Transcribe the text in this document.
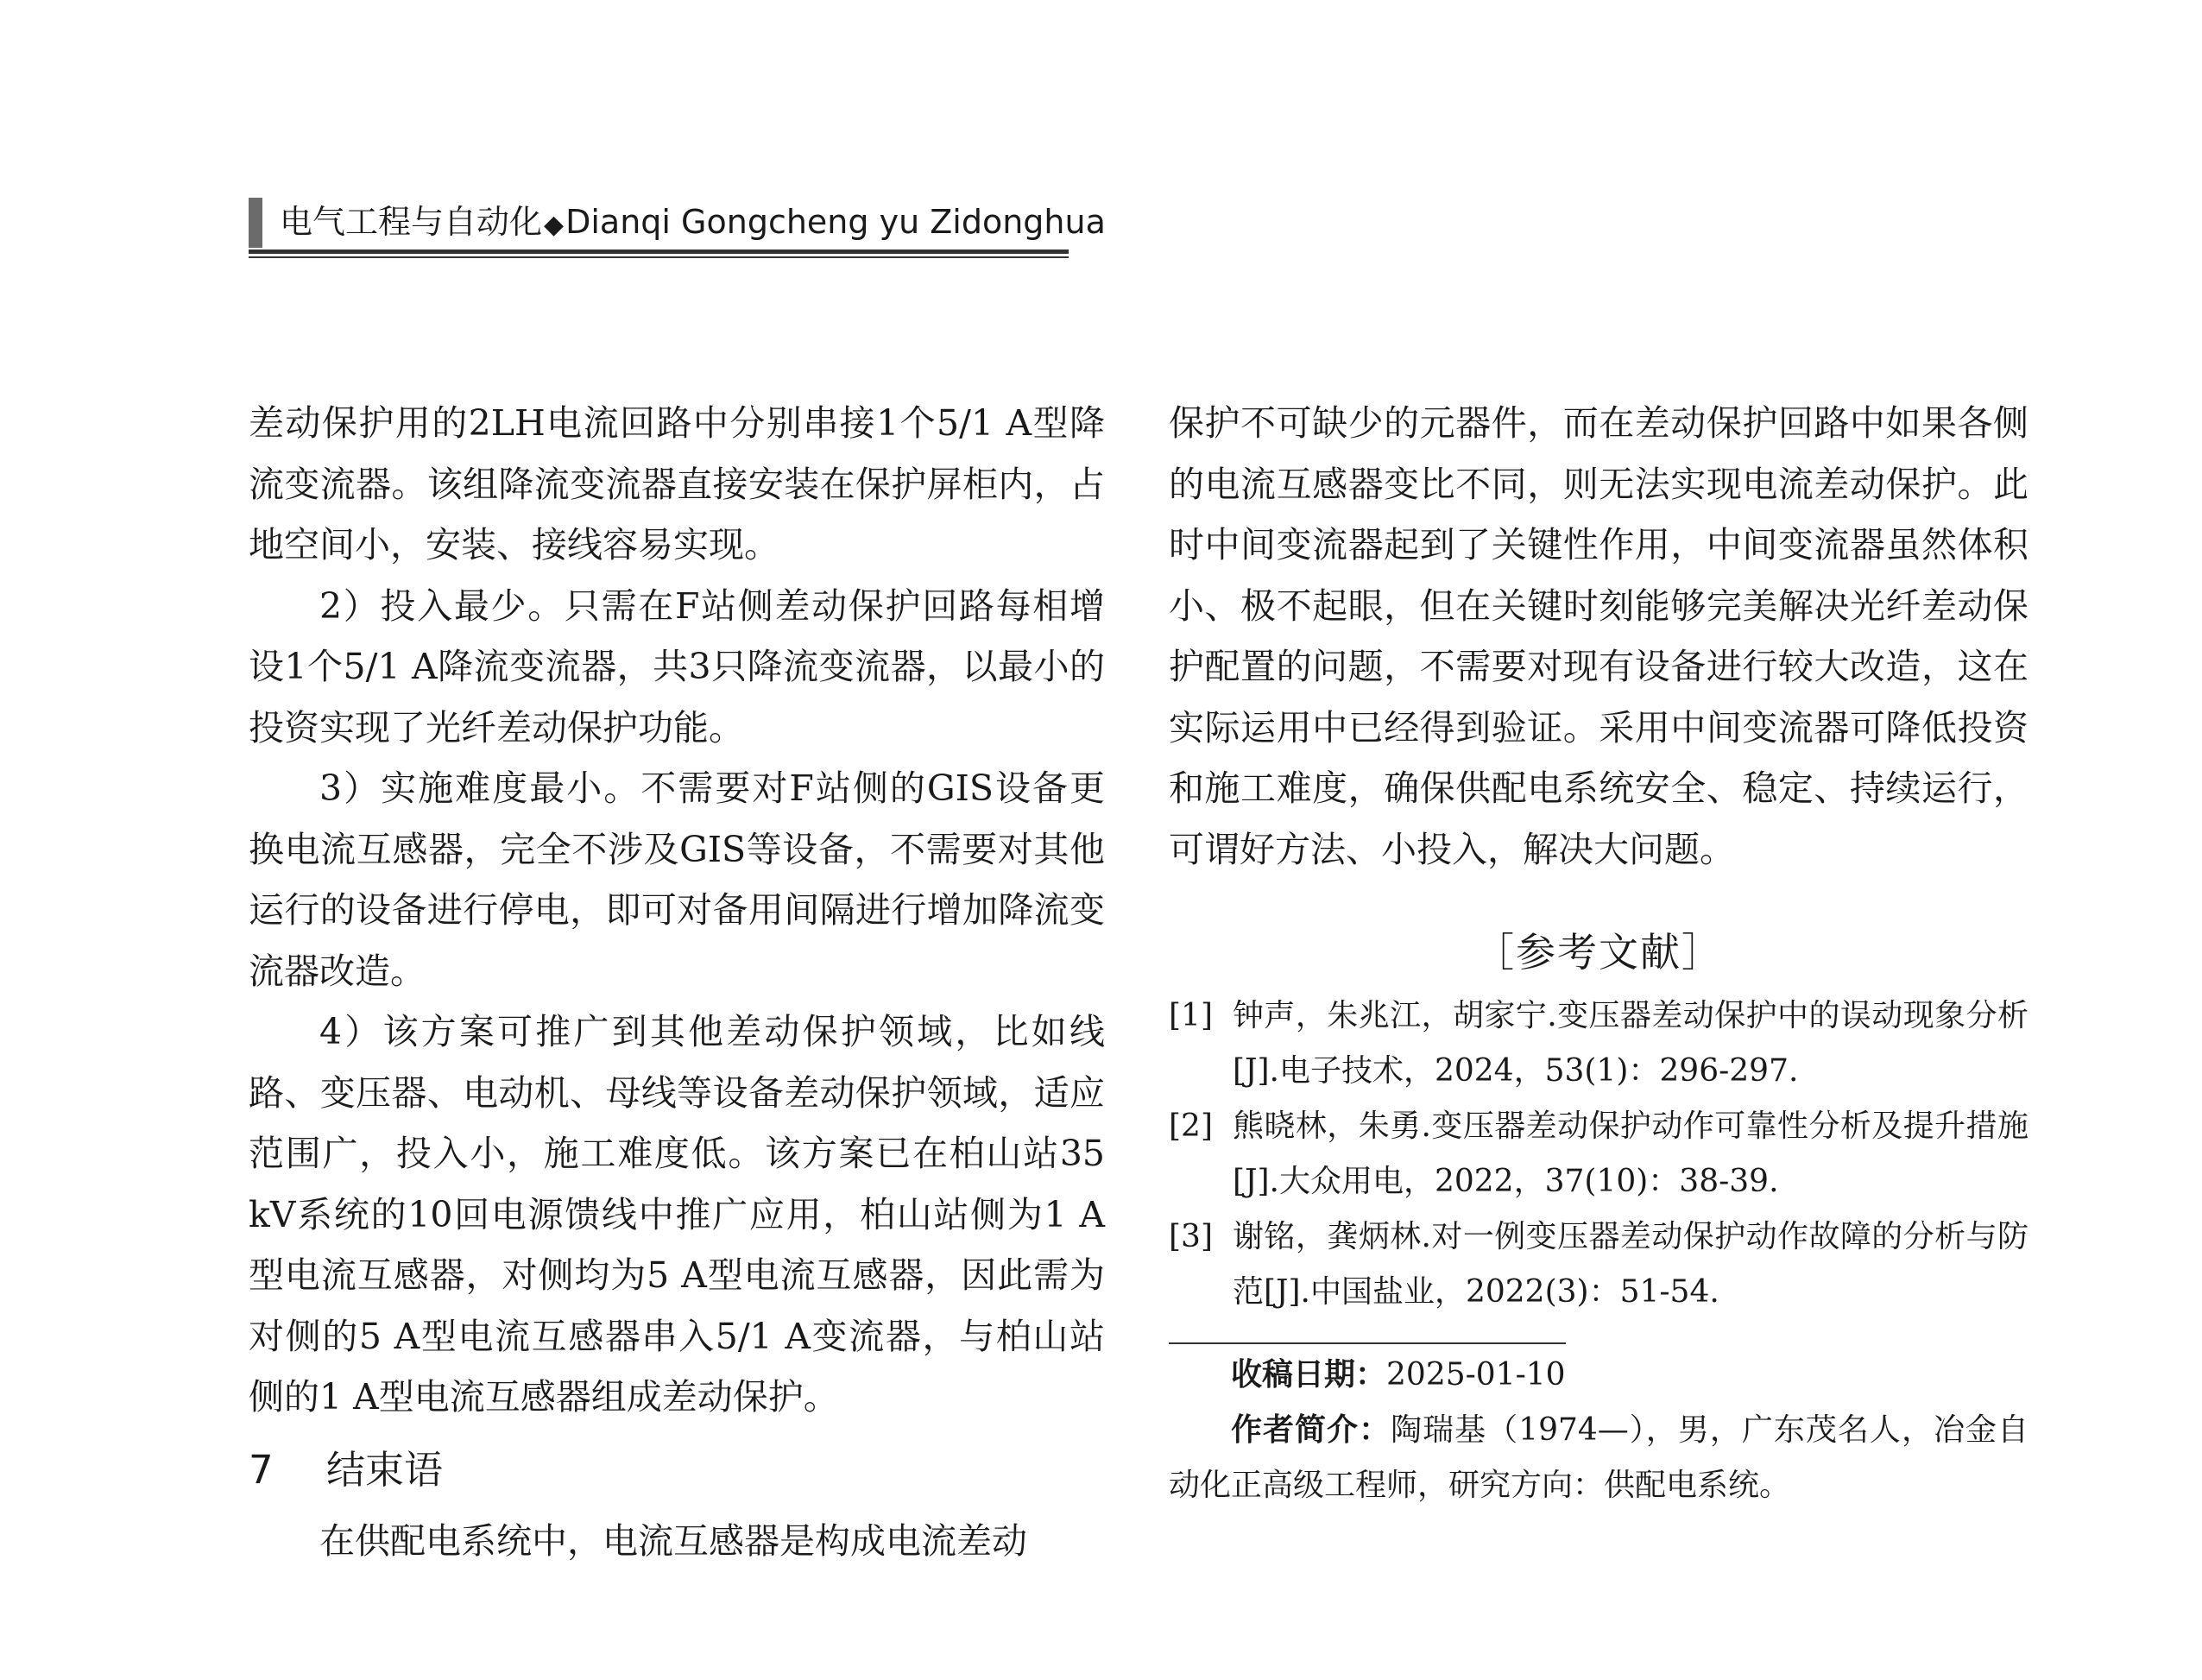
电气工程与自动化◆Dianqi Gongcheng yu Zidonghua

差动保护用的2LH电流回路中分别串接1个5/1 A型降流变流器。该组降流变流器直接安装在保护屏柜内，占地空间小，安装、接线容易实现。

2）投入最少。只需在F站侧差动保护回路每相增设1个5/1 A降流变流器，共3只降流变流器，以最小的投资实现了光纤差动保护功能。

3）实施难度最小。不需要对F站侧的GIS设备更换电流互感器，完全不涉及GIS等设备，不需要对其他运行的设备进行停电，即可对备用间隔进行增加降流变流器改造。

4）该方案可推广到其他差动保护领域，比如线路、变压器、电动机、母线等设备差动保护领域，适应范围广，投入小，施工难度低。该方案已在柏山站35 kV系统的10回电源馈线中推广应用，柏山站侧为1 A型电流互感器，对侧均为5 A型电流互感器，因此需为对侧的5 A型电流互感器串入5/1 A变流器，与柏山站侧的1 A型电流互感器组成差动保护。

7 结束语

在供配电系统中，电流互感器是构成电流差动

保护不可缺少的元器件，而在差动保护回路中如果各侧的电流互感器变比不同，则无法实现电流差动保护。此时中间变流器起到了关键性作用，中间变流器虽然体积小、极不起眼，但在关键时刻能够完美解决光纤差动保护配置的问题，不需要对现有设备进行较大改造，这在实际运用中已经得到验证。采用中间变流器可降低投资和施工难度，确保供配电系统安全、稳定、持续运行，可谓好方法、小投入，解决大问题。

［参考文献］
[1] 钟声，朱兆江，胡家宁.变压器差动保护中的误动现象分析[J].电子技术，2024，53(1)：296-297.
[2] 熊晓林，朱勇.变压器差动保护动作可靠性分析及提升措施[J].大众用电，2022，37(10)：38-39.
[3] 谢铭，龚炳林.对一例变压器差动保护动作故障的分析与防范[J].中国盐业，2022(3)：51-54.

收稿日期：2025-01-10

作者简介：陶瑞基（1974—），男，广东茂名人，冶金自动化正高级工程师，研究方向：供配电系统。
